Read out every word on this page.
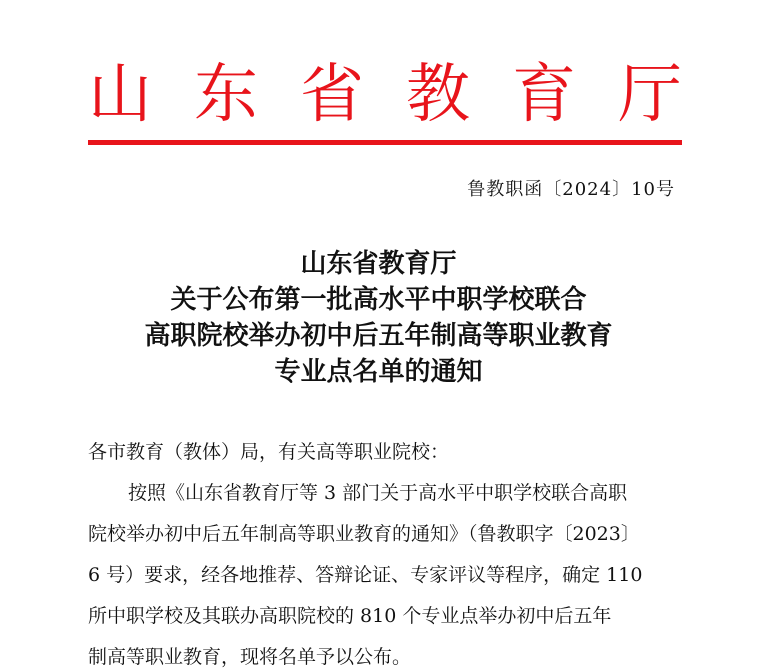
山 东 省 教 育 厅
鲁教职函〔2024〕10号
山东省教育厅
关于公布第一批高水平中职学校联合
高职院校举办初中后五年制高等职业教育
专业点名单的通知
各市教育（教体）局，有关高等职业院校：
按照《山东省教育厅等 3 部门关于高水平中职学校联合高职
院校举办初中后五年制高等职业教育的通知》（鲁教职字〔2023〕
6 号）要求，经各地推荐、答辩论证、专家评议等程序，确定 110
所中职学校及其联办高职院校的 810 个专业点举办初中后五年
制高等职业教育，现将名单予以公布。
